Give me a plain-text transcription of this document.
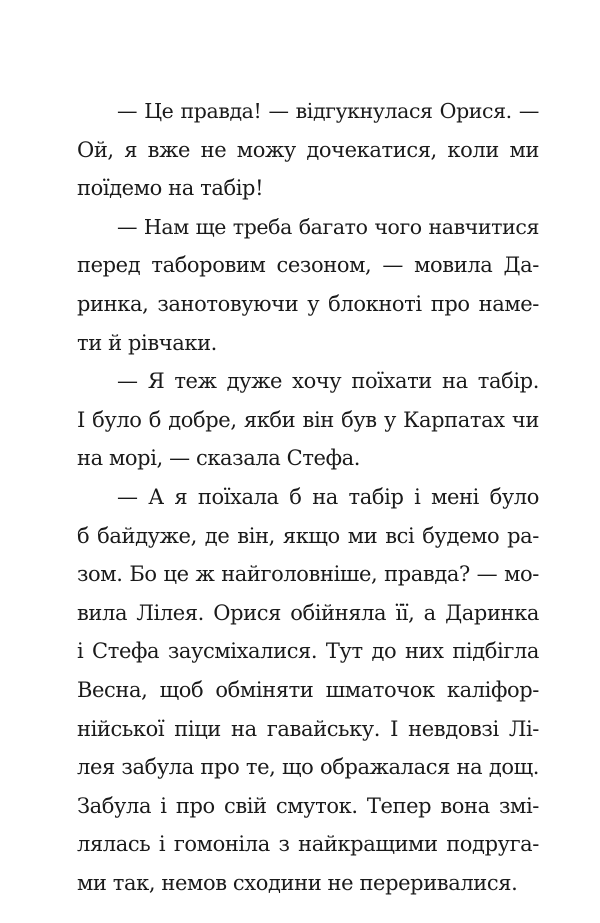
— Це правда! — відгукнулася Орися. —
Ой, я вже не можу дочекатися, коли ми
поїдемо на табір!
— Нам ще треба багато чого навчитися
перед таборовим сезоном, — мовила Да-
ринка, занотовуючи у блокноті про наме-
ти й рівчаки.
— Я теж дуже хочу поїхати на табір.
І було б добре, якби він був у Карпатах чи
на морі, — сказала Стефа.
— А я поїхала б на табір і мені було
б байдуже, де він, якщо ми всі будемо ра-
зом. Бо це ж найголовніше, правда? — мо-
вила Лілея. Орися обійняла її, а Даринка
і Стефа заусміхалися. Тут до них підбігла
Весна, щоб обміняти шматочок каліфор-
нійської піци на гавайську. І невдовзі Лі-
лея забула про те, що ображалася на дощ.
Забула і про свій смуток. Тепер вона змі-
лялась і гомоніла з найкращими подруга-
ми так, немов сходини не переривалися.
